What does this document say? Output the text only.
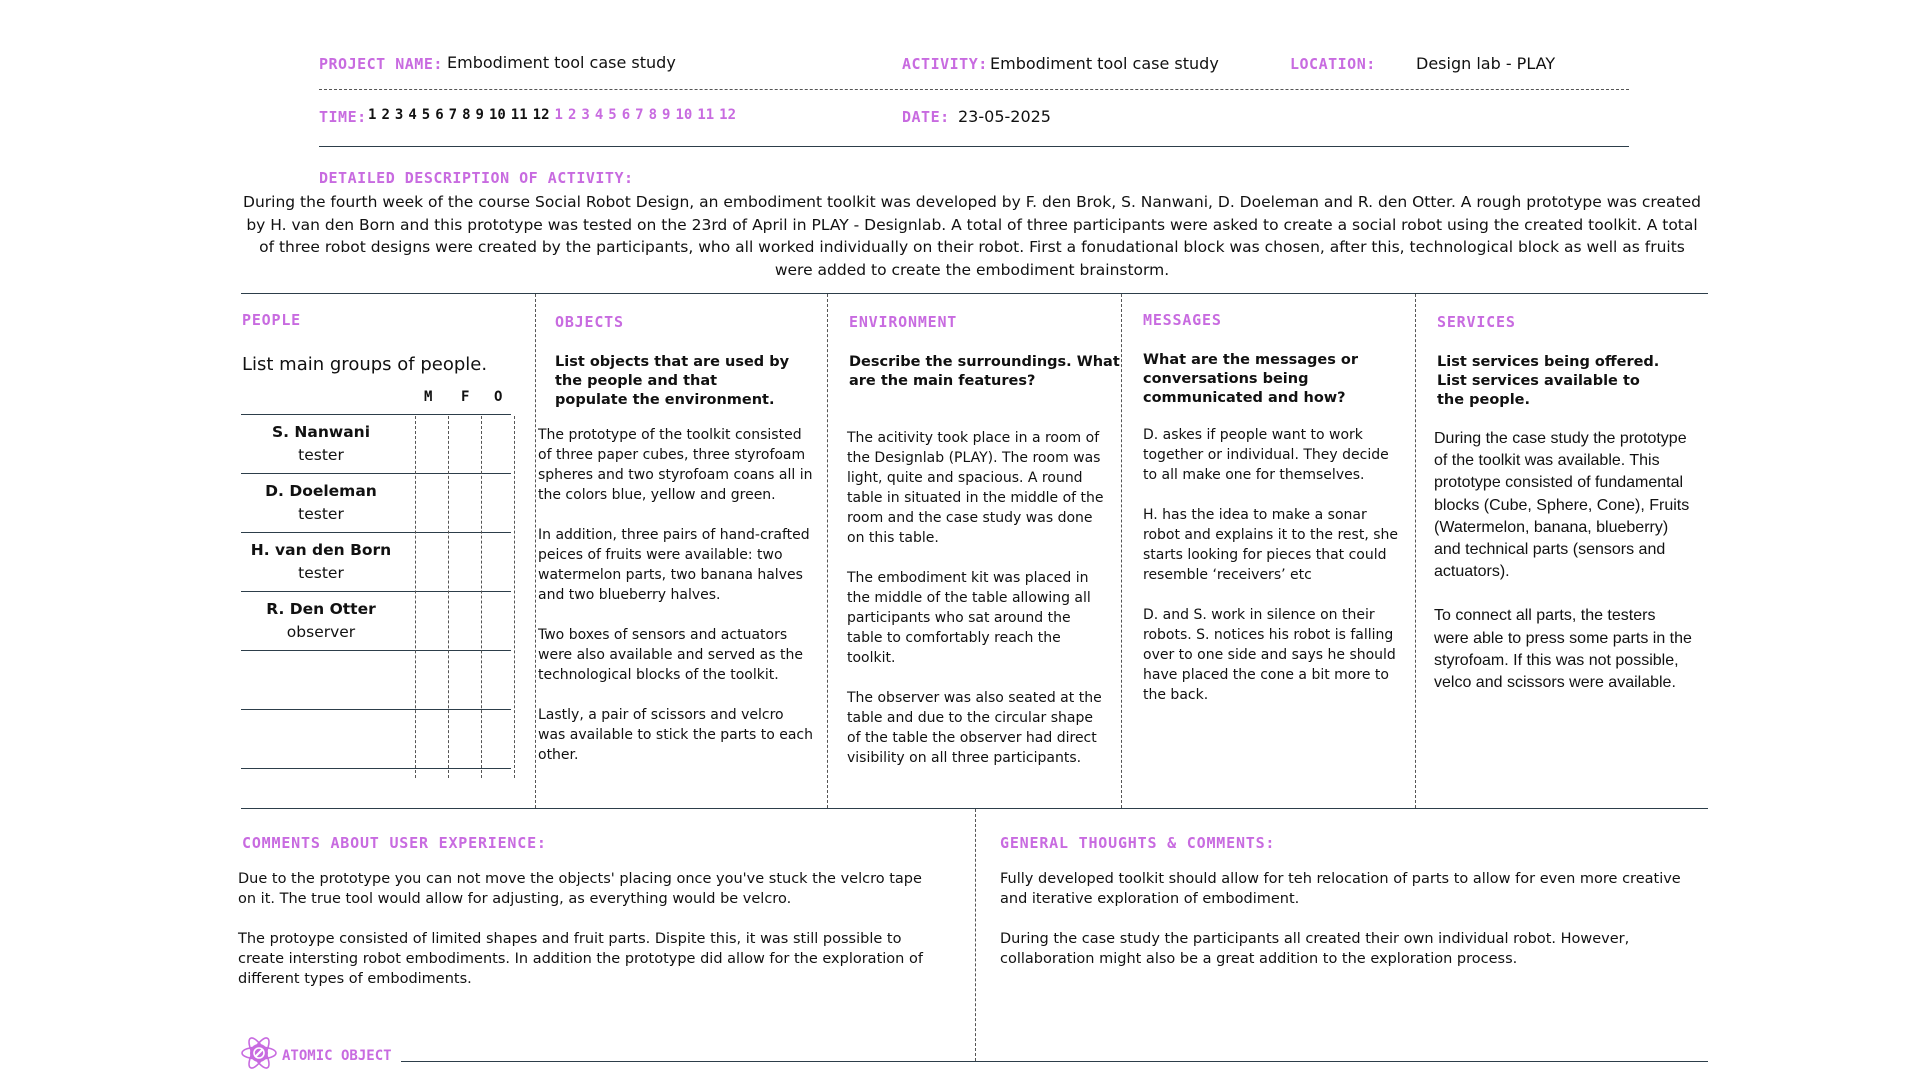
PROJECT NAME: Embodiment tool case study	ACTIVITY: Embodiment tool case study	LOCATION:	Design lab - PLAY
TIME: 1 2 3 4 5 6 7 8 9 10 11 12 1 2 3 4 5 6 7 8 9 10 11 12	DATE: 23-05-2025
DETAILED DESCRIPTION OF ACTIVITY:
During the fourth week of the course Social Robot Design, an embodiment toolkit was developed by F. den Brok, S. Nanwani, D. Doeleman and R. den Otter. A rough prototype was created by H. van den Born and this prototype was tested on the 23rd of April in PLAY - Designlab. A total of three participants were asked to create a social robot using the created toolkit. A total of three robot designs were created by the participants, who all worked individually on their robot. First a fonudational block was chosen, after this, technological block as well as fruits were added to create the embodiment brainstorm.
PEOPLE
List main groups of people.
M F O
S. Nanwani
tester
D. Doeleman
tester
H. van den Born
tester
R. Den Otter
observer
OBJECTS
List objects that are used by
the people and that
populate the environment.

The prototype of the toolkit consisted of three paper cubes, three styrofoam spheres and two styrofoam coans all in the colors blue, yellow and green.

In addition, three pairs of hand-crafted peices of fruits were available: two watermelon parts, two banana halves and two blueberry halves.

Two boxes of sensors and actuators were also available and served as the technological blocks of the toolkit.

Lastly, a pair of scissors and velcro was available to stick the parts to each other.

ENVIRONMENT
Describe the surroundings. What
are the main features?

The acitivity took place in a room of the Designlab (PLAY). The room was light, quite and spacious. A round table in situated in the middle of the room and the case study was done on this table.

The embodiment kit was placed in the middle of the table allowing all participants who sat around the table to comfortably reach the toolkit.

The observer was also seated at the table and due to the circular shape of the table the observer had direct visibility on all three participants.

MESSAGES
What are the messages or
conversations being
communicated and how?

D. askes if people want to work together or individual. They decide to all make one for themselves.

H. has the idea to make a sonar robot and explains it to the rest, she starts looking for pieces that could resemble ‘receivers’ etc

D. and S. work in silence on their robots. S. notices his robot is falling over to one side and says he should have placed the cone a bit more to the back.

SERVICES
List services being offered.
List services available to
the people.

During the case study the prototype of the toolkit was available. This prototype consisted of fundamental blocks (Cube, Sphere, Cone), Fruits (Watermelon, banana, blueberry) and technical parts (sensors and actuators).

To connect all parts, the testers were able to press some parts in the styrofoam. If this was not possible, velco and scissors were available.

COMMENTS ABOUT USER EXPERIENCE:

Due to the prototype you can not move the objects' placing once you've stuck the velcro tape on it. The true tool would allow for adjusting, as everything would be velcro.

The protoype consisted of limited shapes and fruit parts. Dispite this, it was still possible to create intersting robot embodiments. In addition the prototype did allow for the exploration of different types of embodiments.

GENERAL THOUGHTS & COMMENTS:

Fully developed toolkit should allow for teh relocation of parts to allow for even more creative and iterative exploration of embodiment.

During the case study the participants all created their own individual robot. However, collaboration might also be a great addition to the exploration process.

ATOMIC OBJECT
